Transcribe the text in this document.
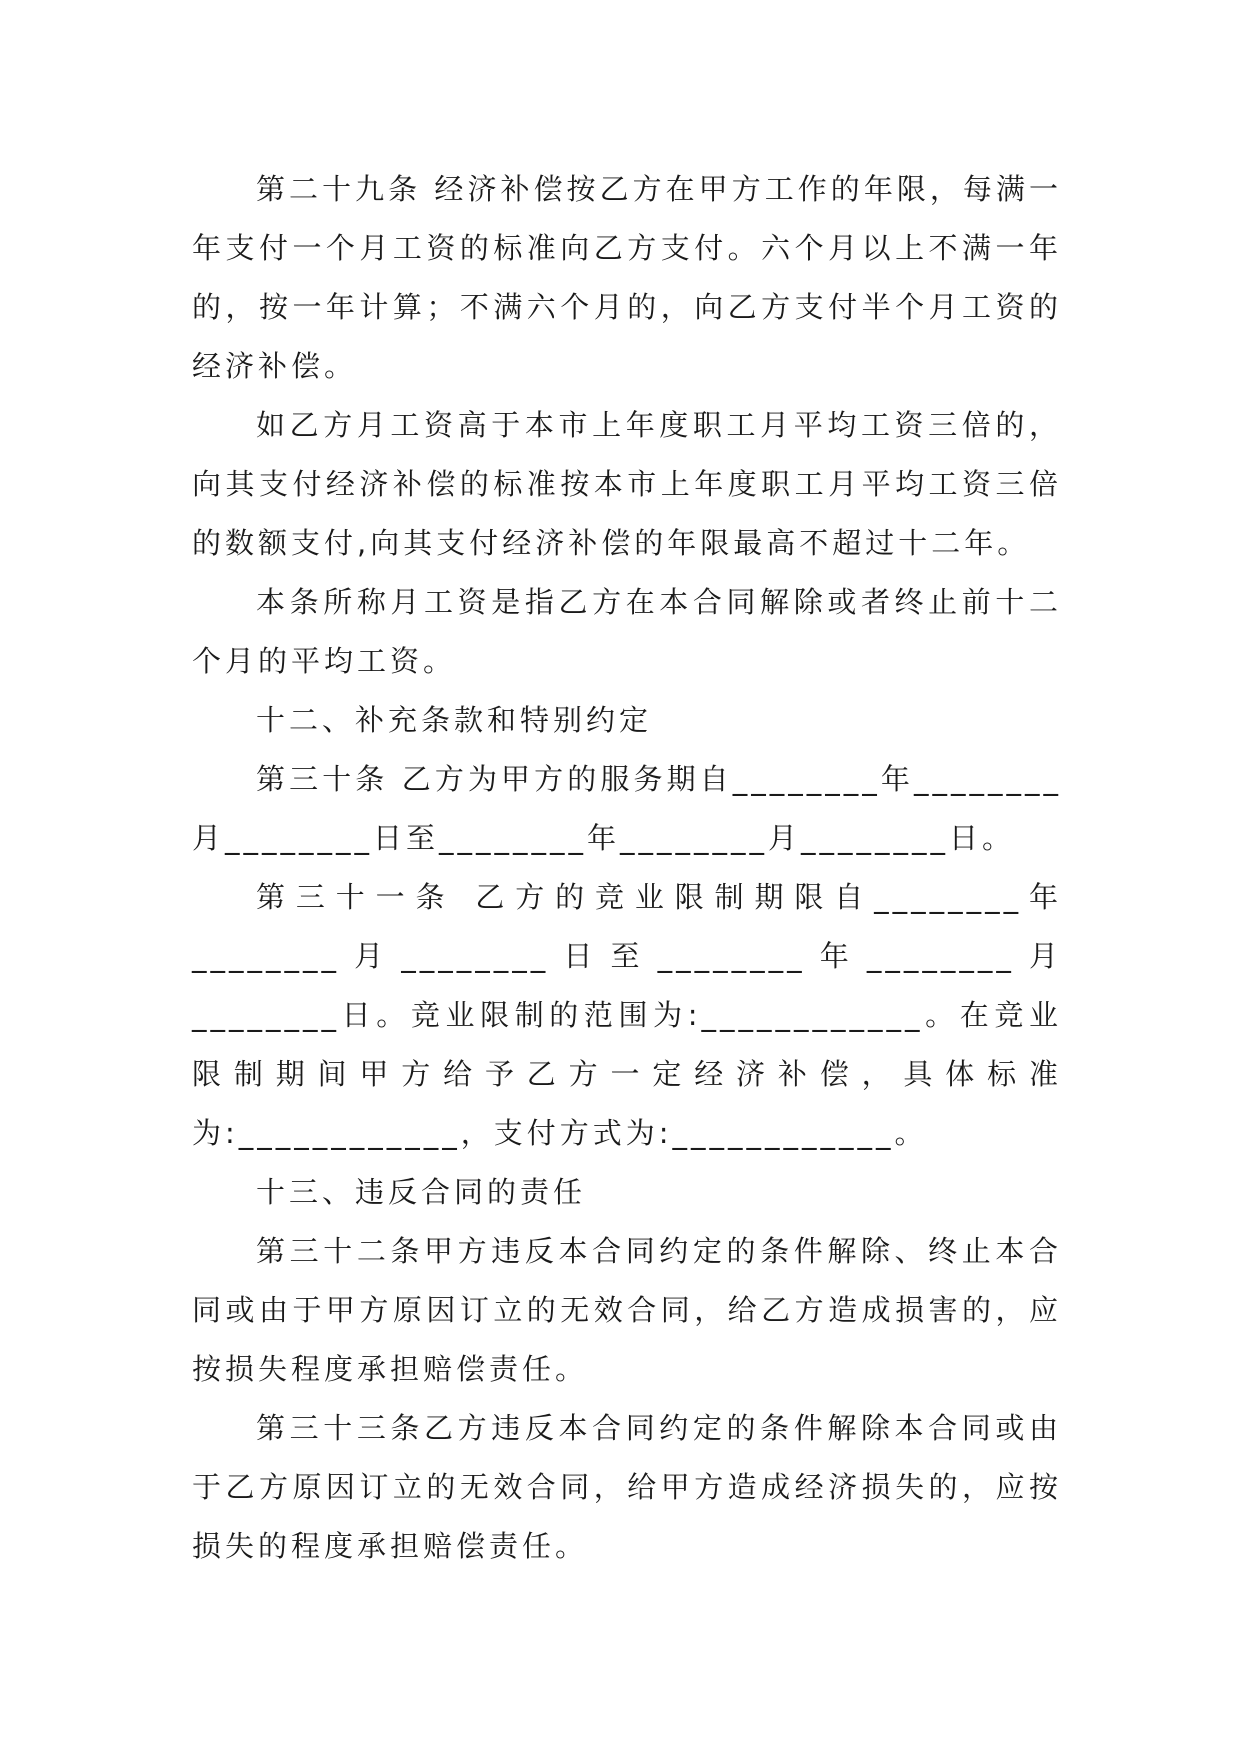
第二十九条 经济补偿按乙方在甲方工作的年限，每满一年支付一个月工资的标准向乙方支付。六个月以上不满一年的，按一年计算；不满六个月的，向乙方支付半个月工资的经济补偿。

如乙方月工资高于本市上年度职工月平均工资三倍的，向其支付经济补偿的标准按本市上年度职工月平均工资三倍的数额支付,向其支付经济补偿的年限最高不超过十二年。

本条所称月工资是指乙方在本合同解除或者终止前十二个月的平均工资。

十二、补充条款和特别约定

第三十条 乙方为甲方的服务期自________年________月________日至________年________月________日。

第三十一条 乙方的竞业限制期限自________年________月________日至________年________月________日。竞业限制的范围为:____________。在竞业限制期间甲方给予乙方一定经济补偿，具体标准为:____________，支付方式为:____________。

十三、违反合同的责任

第三十二条甲方违反本合同约定的条件解除、终止本合同或由于甲方原因订立的无效合同，给乙方造成损害的，应按损失程度承担赔偿责任。

第三十三条乙方违反本合同约定的条件解除本合同或由于乙方原因订立的无效合同，给甲方造成经济损失的，应按损失的程度承担赔偿责任。
